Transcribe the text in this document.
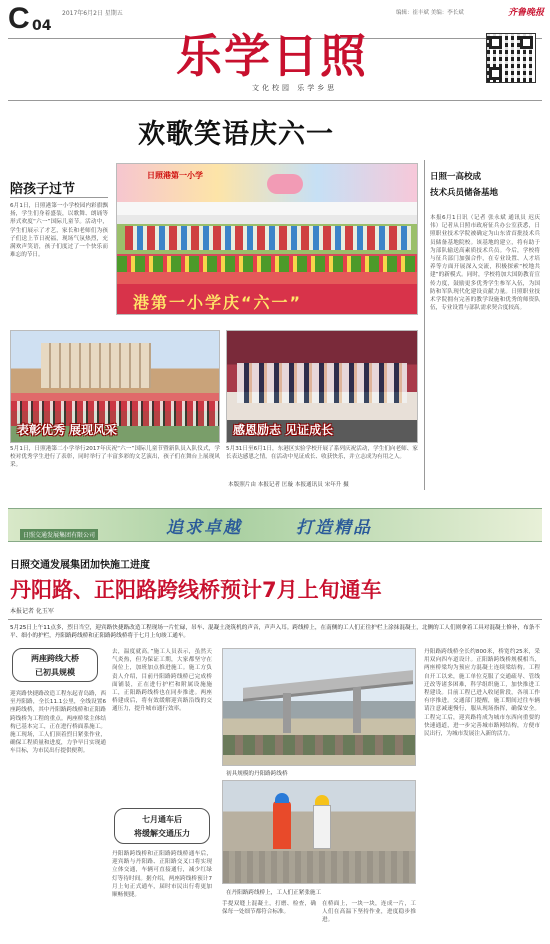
C 04
2017年6月2日 星期五	编辑：崔丰斌 美编：李长斌	齐鲁晚报
乐学日照
文化校园 乐学乡思
欢歌笑语庆六一
陪孩子过节

6月1日，日照港第一小学校园内彩旗飘扬，学生们身着盛装，以歌舞、朗诵等形式欢度“六一”国际儿童节。活动中，学生们展示了才艺，家长和老师们为孩子们送上节日祝福，现场气氛热烈，充满欢声笑语，孩子们度过了一个快乐而难忘的节日。

日照港第一小学
港第一小学庆“六一”
表彰优秀 展现风采

5月1日，日照港第二小学举行2017年庆祝“六一”国际儿童节暨新队员入队仪式，学校对优秀学生进行了表彰，同时举行了丰富多彩的文艺演出，孩子们在舞台上展现风采。

感恩励志 见证成长

5月31日至6月1日，东港区实验学校开展了系列庆祝活动，学生们向老师、家长表达感恩之情，在活动中见证成长、收获快乐，并立志成为有用之人。

本版照片由 本报记者 匡璇 本报通讯员 宋年升 摄
日照一高校成
技术兵员储备基地

本报6月1日讯（记者 张永斌 通讯员 迟庆伟）记者从日照市政府征兵办公室获悉，日照职业技术学院被确定为山东省首批技术兵员储备基地院校。该基地的建立，将有助于为部队输送高素质技术兵员。今后，学校将与征兵部门加强合作，在专业设置、人才培养等方面开展深入交流，积极探索“校地共建”的新模式。同时，学校将加大国防教育宣传力度，鼓励更多优秀学生参军入伍，为国防和军队现代化建设贡献力量。日照职业技术学院拥有完善的教学设施和优秀的师资队伍，专业设置与部队需求契合度较高。

日照交通发展集团有限公司	追求卓越	打造精品
日照交通发展集团加快施工进度
丹阳路、正阳路跨线桥预计7月上旬通车
本报记者 化玉军

5月25日上午11点多，烈日当空，迎宾路快捷路改造工程现场一片忙碌，吊车、混凝土浇筑机的声音，声声入耳。跨线桥上，在南侧的工人们正往护栏上涂抹混凝土，北侧的工人们则拿着工具对混凝土修补，布条不平、细小的护栏，丹阳路跨线桥和正阳路跨线桥将于七月上旬竣工通车。

两座跨线大桥
已初具规模

迎宾路快捷路改造工程东起青岛路，西至丹阳路，全长11.1公里，全线设置6座跨线桥，其中丹阳路跨线桥和正阳路跨线桥为工程的重点。两座桥梁主体结构已基本完工，正在进行桥面系施工。施工现场，工人们顶着烈日紧张作业，确保工程质量和进度，力争早日实现通车目标，为市民出行提供便利。

去，温度就高。”施工人员表示，虽然天气炎热，但为保证工期，大家都坚守在岗位上，加班加点推进施工。施工方负责人介绍，目前丹阳路跨线桥已完成桥面铺装，正在进行护栏和附属设施施工，正阳路跨线桥也在同步推进。两座桥建成后，将有效缓解迎宾路沿线的交通压力，提升城市通行效率。

七月通车后
将缓解交通压力

丹阳路跨线桥和正阳路跨线桥通车后，迎宾路与丹阳路、正阳路交叉口将实现立体交通，车辆可直接通行，减少红绿灯等待时间。据介绍，两座跨线桥预计7月上旬正式通车，届时市民出行将更加顺畅便捷。

初具规模的丹阳路跨线桥
在丹阳路跨线桥上，工人们正紧张施工

手提双缝上混凝土，打磨、检查，确保每一处细节都符合标准。

在桥面上，一块一块，连成一片，工人们在高温下坚持作业，进度稳步推进。

丹阳路跨线桥全长约800米，桥宽约25米，采用双向四车道设计。正阳路跨线桥规模相当，两座桥梁均为预应力混凝土连续梁结构。工程自开工以来，施工单位克服了交通疏导、管线迁改等诸多困难，科学组织施工，加快推进工程建设。目前工程已进入收尾阶段，各项工作有序推进。交通部门提醒，施工期间过往车辆请注意减速慢行，服从现场指挥，确保安全。工程完工后，迎宾路将成为城市东西向重要的快速通道，进一步完善城市路网结构，方便市民出行，为城市发展注入新的活力。
